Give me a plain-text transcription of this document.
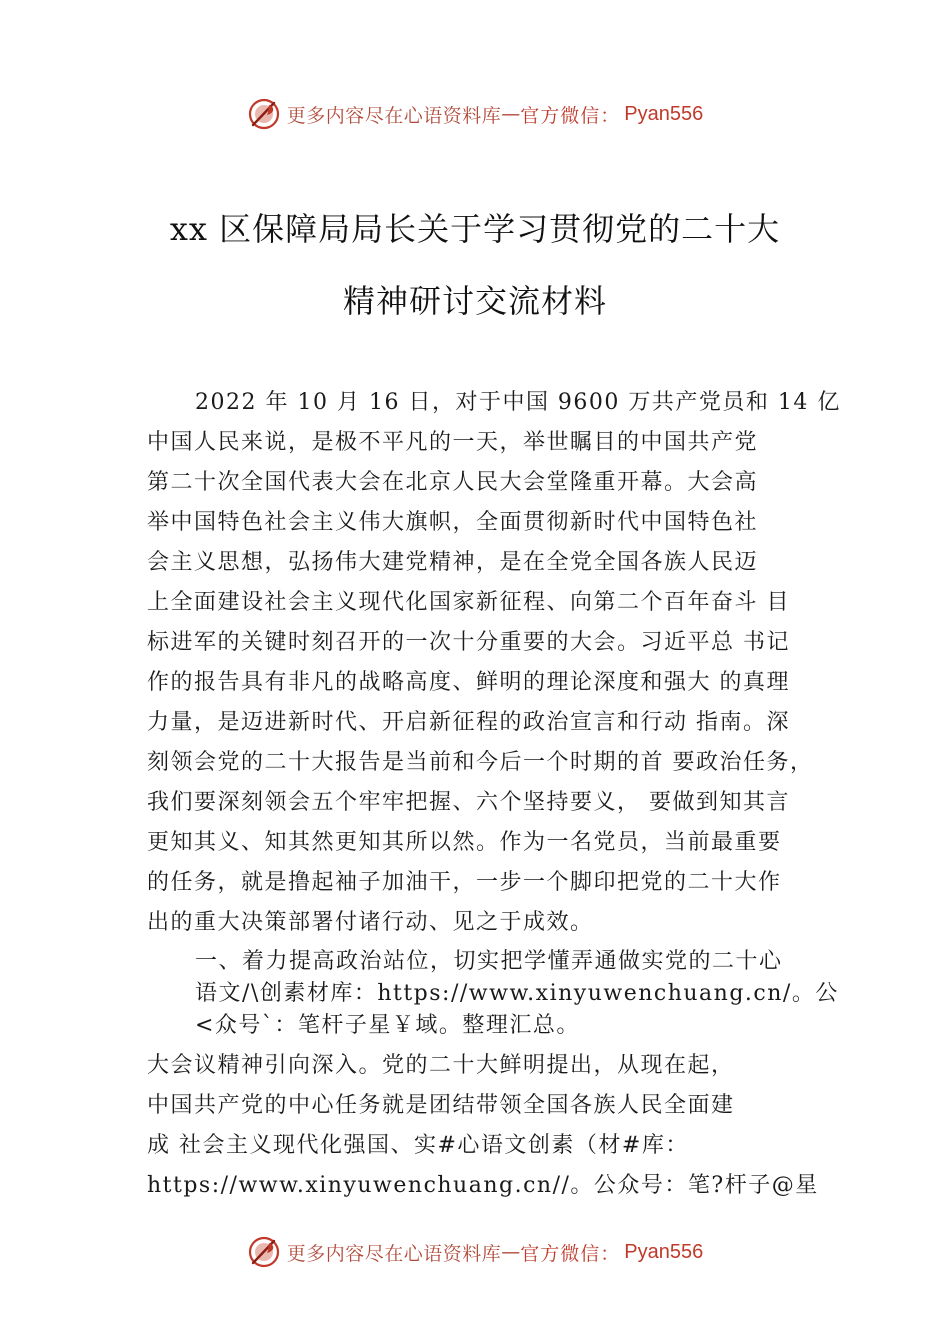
更多内容尽在心语资料库 — 官方微信： Pyan556
xx 区保障局局长关于学习贯彻党的二十大
精神研讨交流材料
2022 年 10 月 16 日，对于中国 9600 万共产党员和 14 亿
中国人民来说，是极不平凡的一天，举世瞩目的中国共产党
第二十次全国代表大会在北京人民大会堂隆重开幕。大会高
举中国特色社会主义伟大旗帜，全面贯彻新时代中国特色社
会主义思想，弘扬伟大建党精神，是在全党全国各族人民迈
上全面建设社会主义现代化国家新征程、向第二个百年奋斗 目
标进军的关键时刻召开的一次十分重要的大会。习近平总 书记
作的报告具有非凡的战略高度、鲜明的理论深度和强大 的真理
力量，是迈进新时代、开启新征程的政治宣言和行动 指南。深
刻领会党的二十大报告是当前和今后一个时期的首 要政治任务，
我们要深刻领会五个牢牢把握、六个坚持要义， 要做到知其言
更知其义、知其然更知其所以然。作为一名党员，当前最重要
的任务，就是撸起袖子加油干，一步一个脚印把党的二十大作
出的重大决策部署付诸行动、见之于成效。
一、着力提高政治站位，切实把学懂弄通做实党的二十心
语文/\创素材库：https://www.xinyuwenchuang.cn/。公
<众号`：笔杆子星￥域。整理汇总。
大会议精神引向深入。党的二十大鲜明提出，从现在起，
中国共产党的中心任务就是团结带领全国各族人民全面建
成 社会主义现代化强国、实#心语文创素（材#库：
https://www.xinyuwenchuang.cn//。公众号：笔?杆子@星
更多内容尽在心语资料库 — 官方微信： Pyan556
